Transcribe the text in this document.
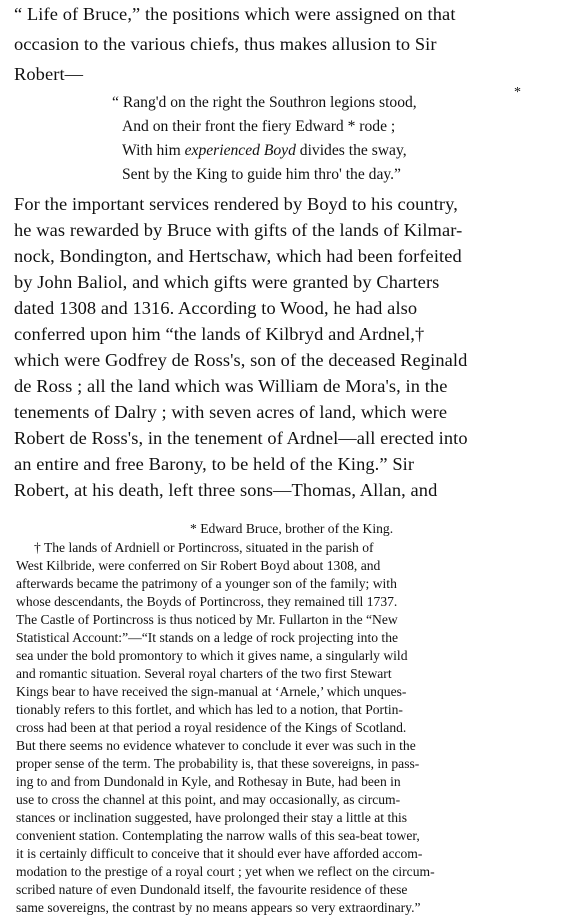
“ Life of Bruce,” the positions which were assigned on that
occasion to the various chiefs, thus makes allusion to Sir
Robert—
*
“ Rang'd on the right the Southron legions stood,
And on their front the fiery Edward * rode ;
With him experienced Boyd divides the sway,
Sent by the King to guide him thro' the day.”
For the important services rendered by Boyd to his country,
he was rewarded by Bruce with gifts of the lands of Kilmar-
nock, Bondington, and Hertschaw, which had been forfeited
by John Baliol, and which gifts were granted by Charters
dated 1308 and 1316. According to Wood, he had also
conferred upon him “the lands of Kilbryd and Ardnel,†
which were Godfrey de Ross's, son of the deceased Reginald
de Ross ; all the land which was William de Mora's, in the
tenements of Dalry ; with seven acres of land, which were
Robert de Ross's, in the tenement of Ardnel—all erected into
an entire and free Barony, to be held of the King.” Sir
Robert, at his death, left three sons—Thomas, Allan, and
* Edward Bruce, brother of the King.
† The lands of Ardniell or Portincross, situated in the parish of
West Kilbride, were conferred on Sir Robert Boyd about 1308, and
afterwards became the patrimony of a younger son of the family; with
whose descendants, the Boyds of Portincross, they remained till 1737.
The Castle of Portincross is thus noticed by Mr. Fullarton in the “New
Statistical Account:”—“It stands on a ledge of rock projecting into the
sea under the bold promontory to which it gives name, a singularly wild
and romantic situation. Several royal charters of the two first Stewart
Kings bear to have received the sign-manual at ‘Arnele,’ which unques-
tionably refers to this fortlet, and which has led to a notion, that Portin-
cross had been at that period a royal residence of the Kings of Scotland.
But there seems no evidence whatever to conclude it ever was such in the
proper sense of the term. The probability is, that these sovereigns, in pass-
ing to and from Dundonald in Kyle, and Rothesay in Bute, had been in
use to cross the channel at this point, and may occasionally, as circum-
stances or inclination suggested, have prolonged their stay a little at this
convenient station. Contemplating the narrow walls of this sea-beat tower,
it is certainly difficult to conceive that it should ever have afforded accom-
modation to the prestige of a royal court ; yet when we reflect on the circum-
scribed nature of even Dundonald itself, the favourite residence of these
same sovereigns, the contrast by no means appears so very extraordinary.”
